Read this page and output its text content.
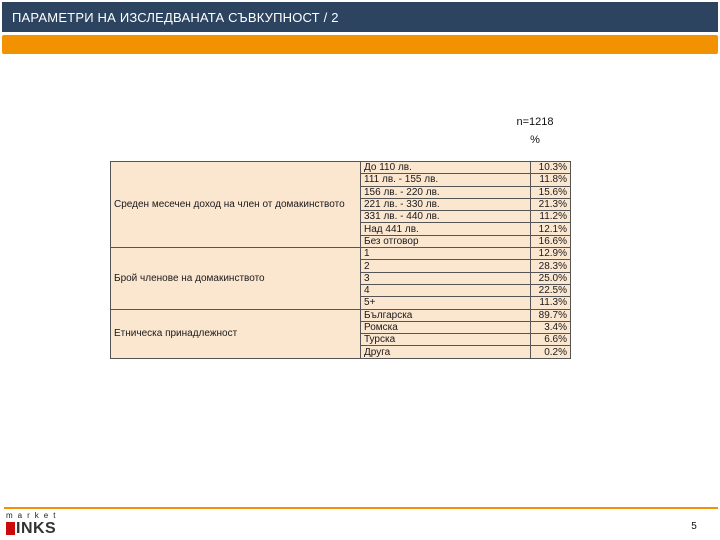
ПАРАМЕТРИ НА ИЗСЛЕДВАНАТА СЪВКУПНОСТ / 2
n=1218
%
Среден месечен доход на член от домакинството	До 110 лв.	10.3%
	111 лв. - 155 лв.	11.8%
	156 лв. - 220 лв.	15.6%
	221 лв. - 330 лв.	21.3%
	331 лв. - 440 лв.	11.2%
	Над 441 лв.	12.1%
	Без отговор	16.6%
Брой членове на домакинството	1	12.9%
	2	28.3%
	3	25.0%
	4	22.5%
	5+	11.3%
Етническа принадлежност	Българска	89.7%
	Ромска	3.4%
	Турска	6.6%
	Друга	0.2%
market
INKS	5
